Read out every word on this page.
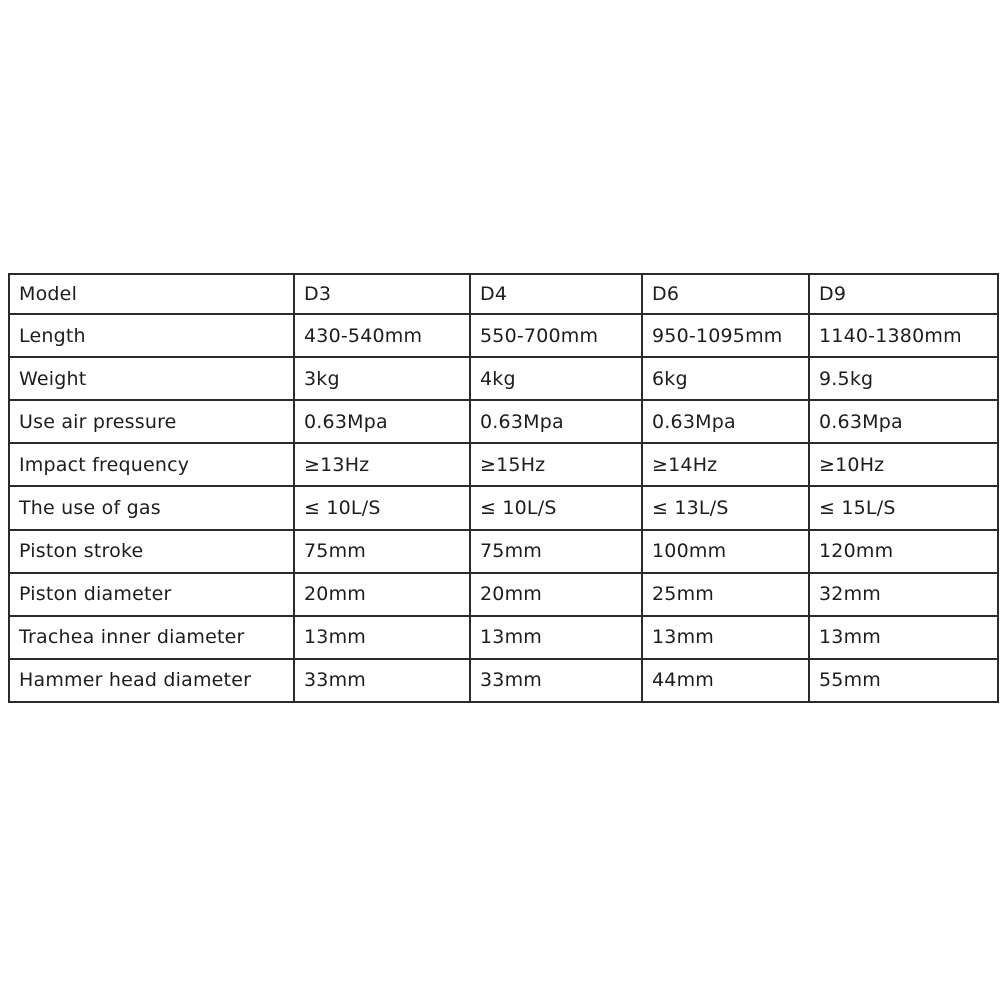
Model	D3	D4	D6	D9
Length	430-540mm	550-700mm	950-1095mm	1140-1380mm
Weight	3kg	4kg	6kg	9.5kg
Use air pressure	0.63Mpa	0.63Mpa	0.63Mpa	0.63Mpa
Impact frequency	≥13Hz	≥15Hz	≥14Hz	≥10Hz
The use of gas	≤ 10L/S	≤ 10L/S	≤ 13L/S	≤ 15L/S
Piston stroke	75mm	75mm	100mm	120mm
Piston diameter	20mm	20mm	25mm	32mm
Trachea inner diameter	13mm	13mm	13mm	13mm
Hammer head diameter	33mm	33mm	44mm	55mm
